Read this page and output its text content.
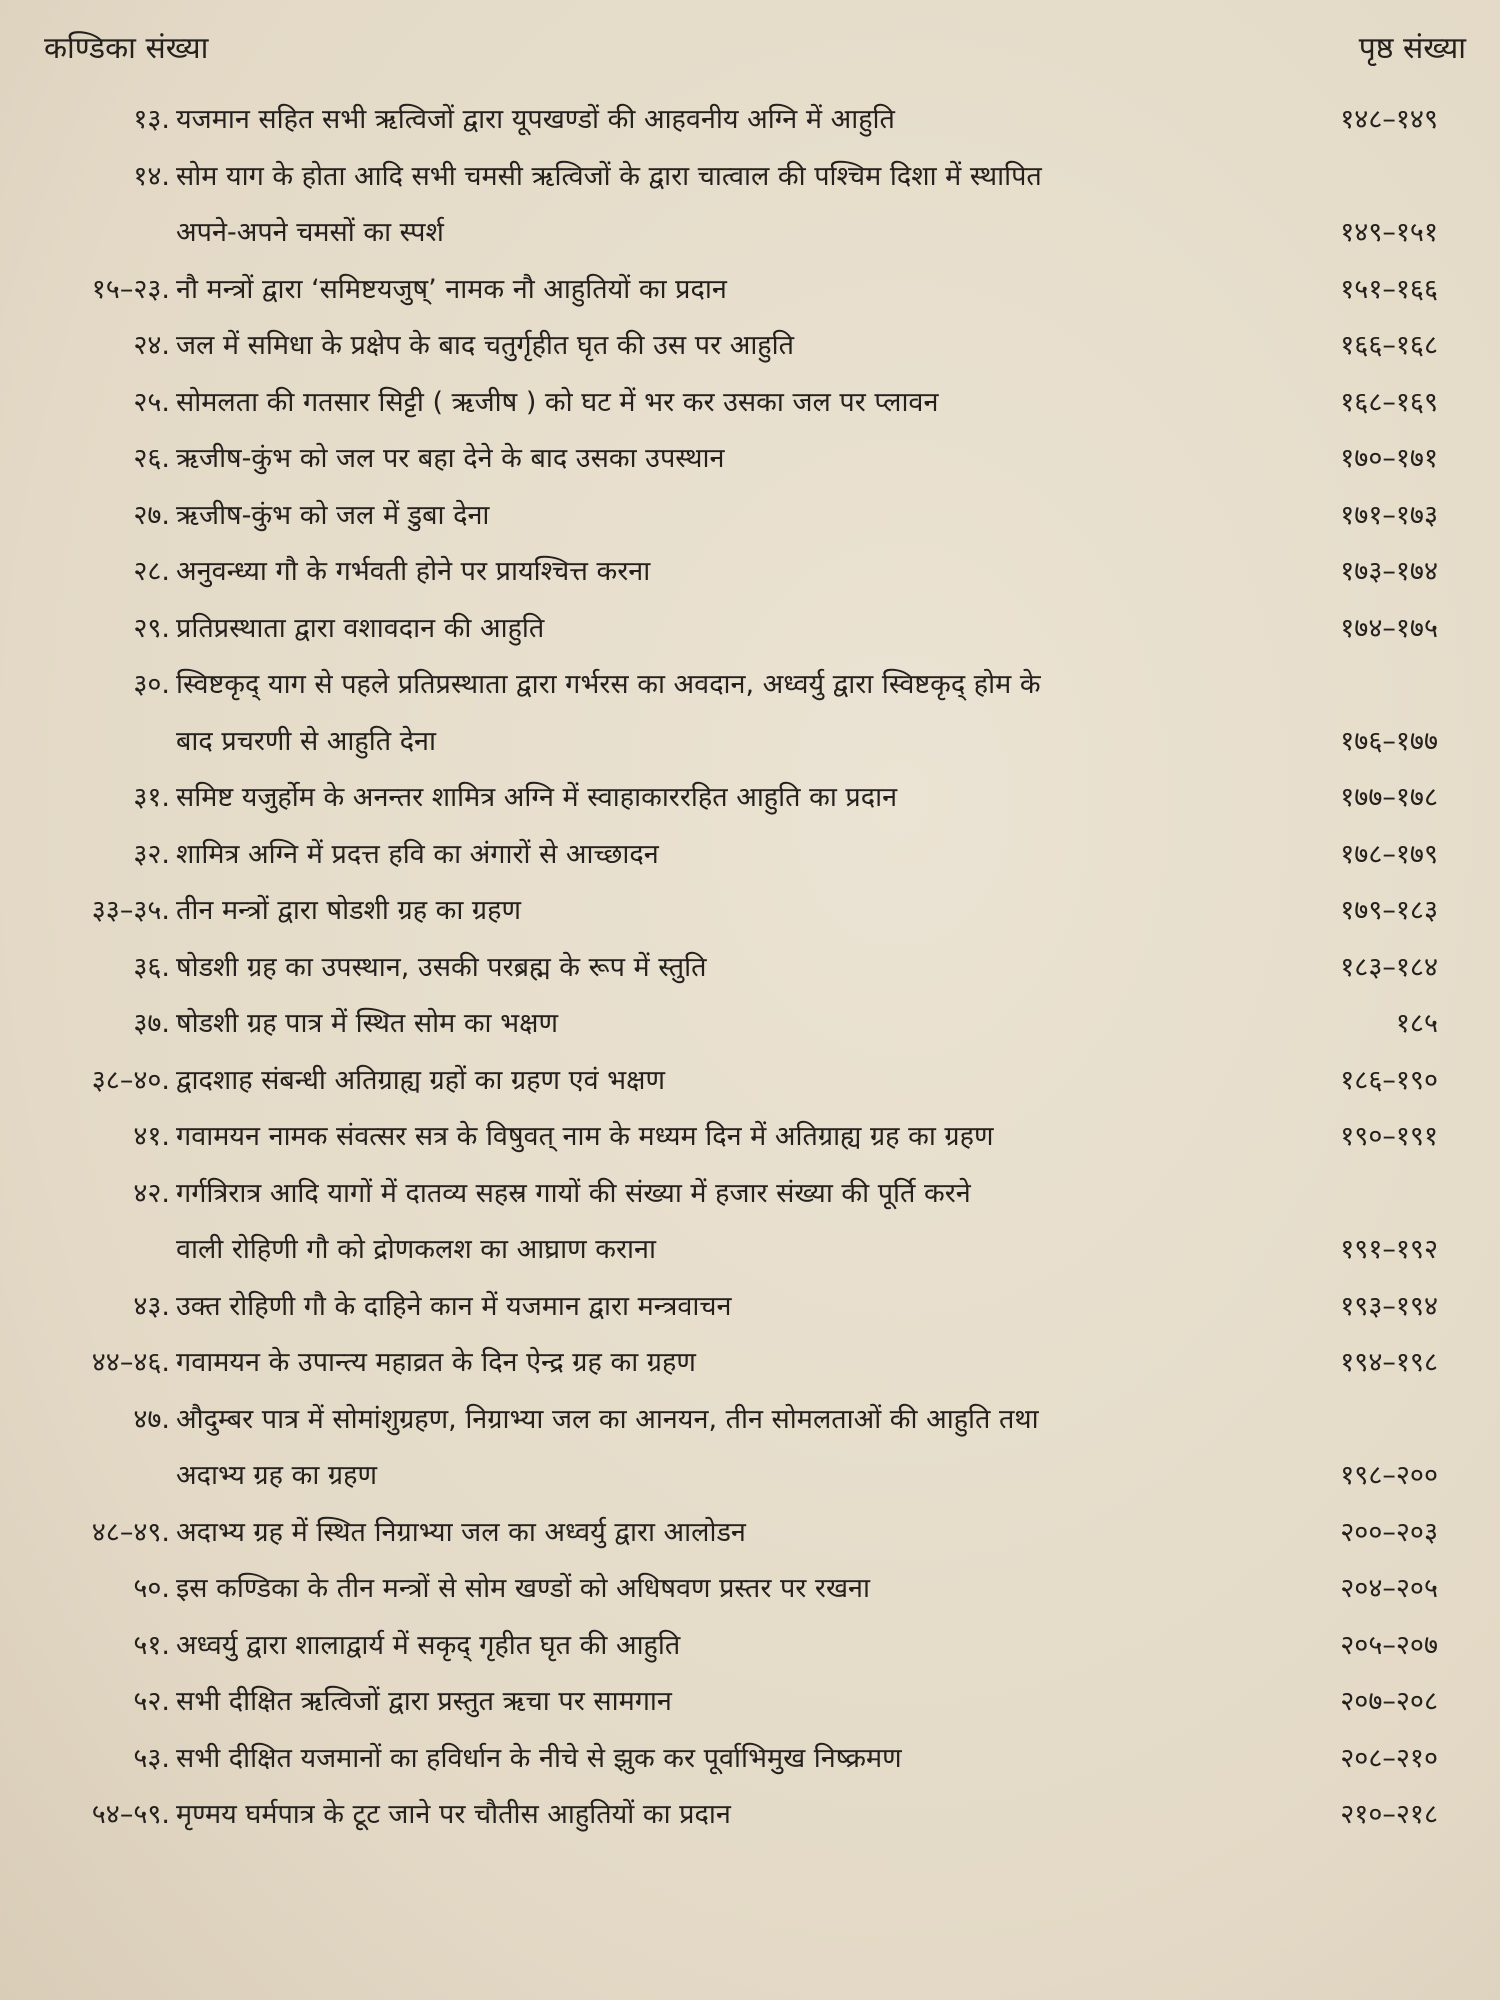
कण्डिका संख्या	पृष्ठ संख्या
१३. यजमान सहित सभी ऋत्विजों द्वारा यूपखण्डों की आहवनीय अग्नि में आहुति	१४८–१४९
१४. सोम याग के होता आदि सभी चमसी ऋत्विजों के द्वारा चात्वाल की पश्चिम दिशा में स्थापित
अपने-अपने चमसों का स्पर्श	१४९–१५१
१५–२३. नौ मन्त्रों द्वारा ‘समिष्टयजुष्’ नामक नौ आहुतियों का प्रदान	१५१–१६६
२४. जल में समिधा के प्रक्षेप के बाद चतुर्गृहीत घृत की उस पर आहुति	१६६–१६८
२५. सोमलता की गतसार सिट्टी ( ऋजीष ) को घट में भर कर उसका जल पर प्लावन	१६८–१६९
२६. ऋजीष-कुंभ को जल पर बहा देने के बाद उसका उपस्थान	१७०–१७१
२७. ऋजीष-कुंभ को जल में डुबा देना	१७१–१७३
२८. अनुवन्ध्या गौ के गर्भवती होने पर प्रायश्चित्त करना	१७३–१७४
२९. प्रतिप्रस्थाता द्वारा वशावदान की आहुति	१७४–१७५
३०. स्विष्टकृद् याग से पहले प्रतिप्रस्थाता द्वारा गर्भरस का अवदान, अध्वर्यु द्वारा स्विष्टकृद् होम के
बाद प्रचरणी से आहुति देना	१७६–१७७
३१. समिष्ट यजुर्होम के अनन्तर शामित्र अग्नि में स्वाहाकाररहित आहुति का प्रदान	१७७–१७८
३२. शामित्र अग्नि में प्रदत्त हवि का अंगारों से आच्छादन	१७८–१७९
३३–३५. तीन मन्त्रों द्वारा षोडशी ग्रह का ग्रहण	१७९–१८३
३६. षोडशी ग्रह का उपस्थान, उसकी परब्रह्म के रूप में स्तुति	१८३–१८४
३७. षोडशी ग्रह पात्र में स्थित सोम का भक्षण	१८५
३८–४०. द्वादशाह संबन्धी अतिग्राह्य ग्रहों का ग्रहण एवं भक्षण	१८६–१९०
४१. गवामयन नामक संवत्सर सत्र के विषुवत् नाम के मध्यम दिन में अतिग्राह्य ग्रह का ग्रहण	१९०–१९१
४२. गर्गत्रिरात्र आदि यागों में दातव्य सहस्र गायों की संख्या में हजार संख्या की पूर्ति करने
वाली रोहिणी गौ को द्रोणकलश का आघ्राण कराना	१९१–१९२
४३. उक्त रोहिणी गौ के दाहिने कान में यजमान द्वारा मन्त्रवाचन	१९३–१९४
४४–४६. गवामयन के उपान्त्य महाव्रत के दिन ऐन्द्र ग्रह का ग्रहण	१९४–१९८
४७. औदुम्बर पात्र में सोमांशुग्रहण, निग्राभ्या जल का आनयन, तीन सोमलताओं की आहुति तथा
अदाभ्य ग्रह का ग्रहण	१९८–२००
४८–४९. अदाभ्य ग्रह में स्थित निग्राभ्या जल का अध्वर्यु द्वारा आलोडन	२००–२०३
५०. इस कण्डिका के तीन मन्त्रों से सोम खण्डों को अधिषवण प्रस्तर पर रखना	२०४–२०५
५१. अध्वर्यु द्वारा शालाद्वार्य में सकृद् गृहीत घृत की आहुति	२०५–२०७
५२. सभी दीक्षित ऋत्विजों द्वारा प्रस्तुत ऋचा पर सामगान	२०७–२०८
५३. सभी दीक्षित यजमानों का हविर्धान के नीचे से झुक कर पूर्वाभिमुख निष्क्रमण	२०८–२१०
५४–५९. मृण्मय घर्मपात्र के टूट जाने पर चौतीस आहुतियों का प्रदान	२१०–२१८
